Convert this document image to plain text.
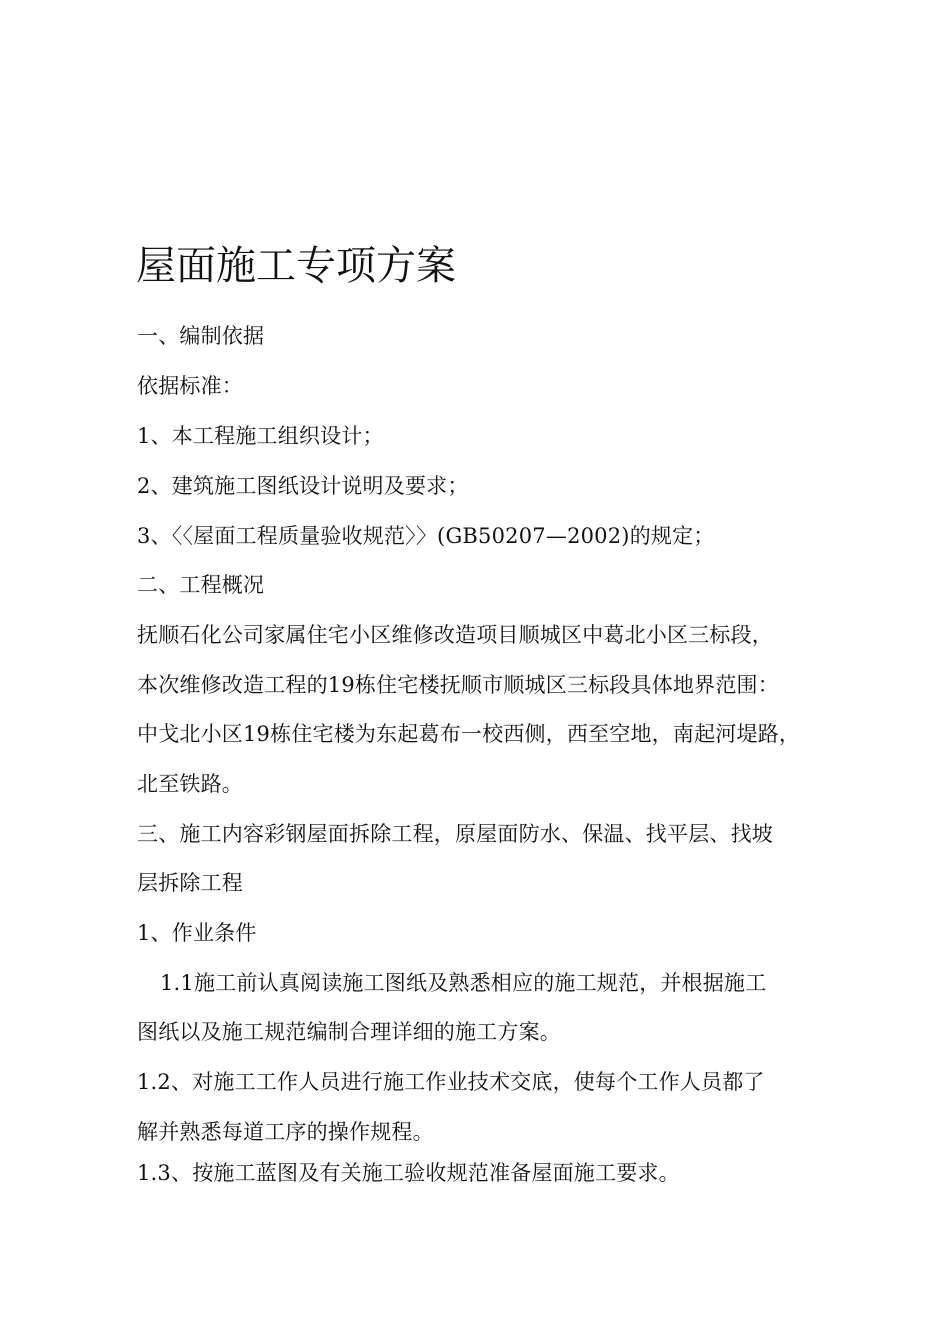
屋面施工专项方案
一、编制依据
依据标准：
1、本工程施工组织设计；
2、建筑施工图纸设计说明及要求；
3、〈〈屋面工程质量验收规范〉〉(GB50207—2002)的规定；
二、工程概况
抚顺石化公司家属住宅小区维修改造项目顺城区中葛北小区三标段，
本次维修改造工程的19栋住宅楼抚顺市顺城区三标段具体地界范围：
中戈北小区19栋住宅楼为东起葛布一校西侧，西至空地，南起河堤路，
北至铁路。
三、施工内容彩钢屋面拆除工程，原屋面防水、保温、找平层、找坡
层拆除工程
1、作业条件
1.1施工前认真阅读施工图纸及熟悉相应的施工规范，并根据施工
图纸以及施工规范编制合理详细的施工方案。
1.2、对施工工作人员进行施工作业技术交底，使每个工作人员都了
解并熟悉每道工序的操作规程。
1.3、按施工蓝图及有关施工验收规范准备屋面施工要求。
